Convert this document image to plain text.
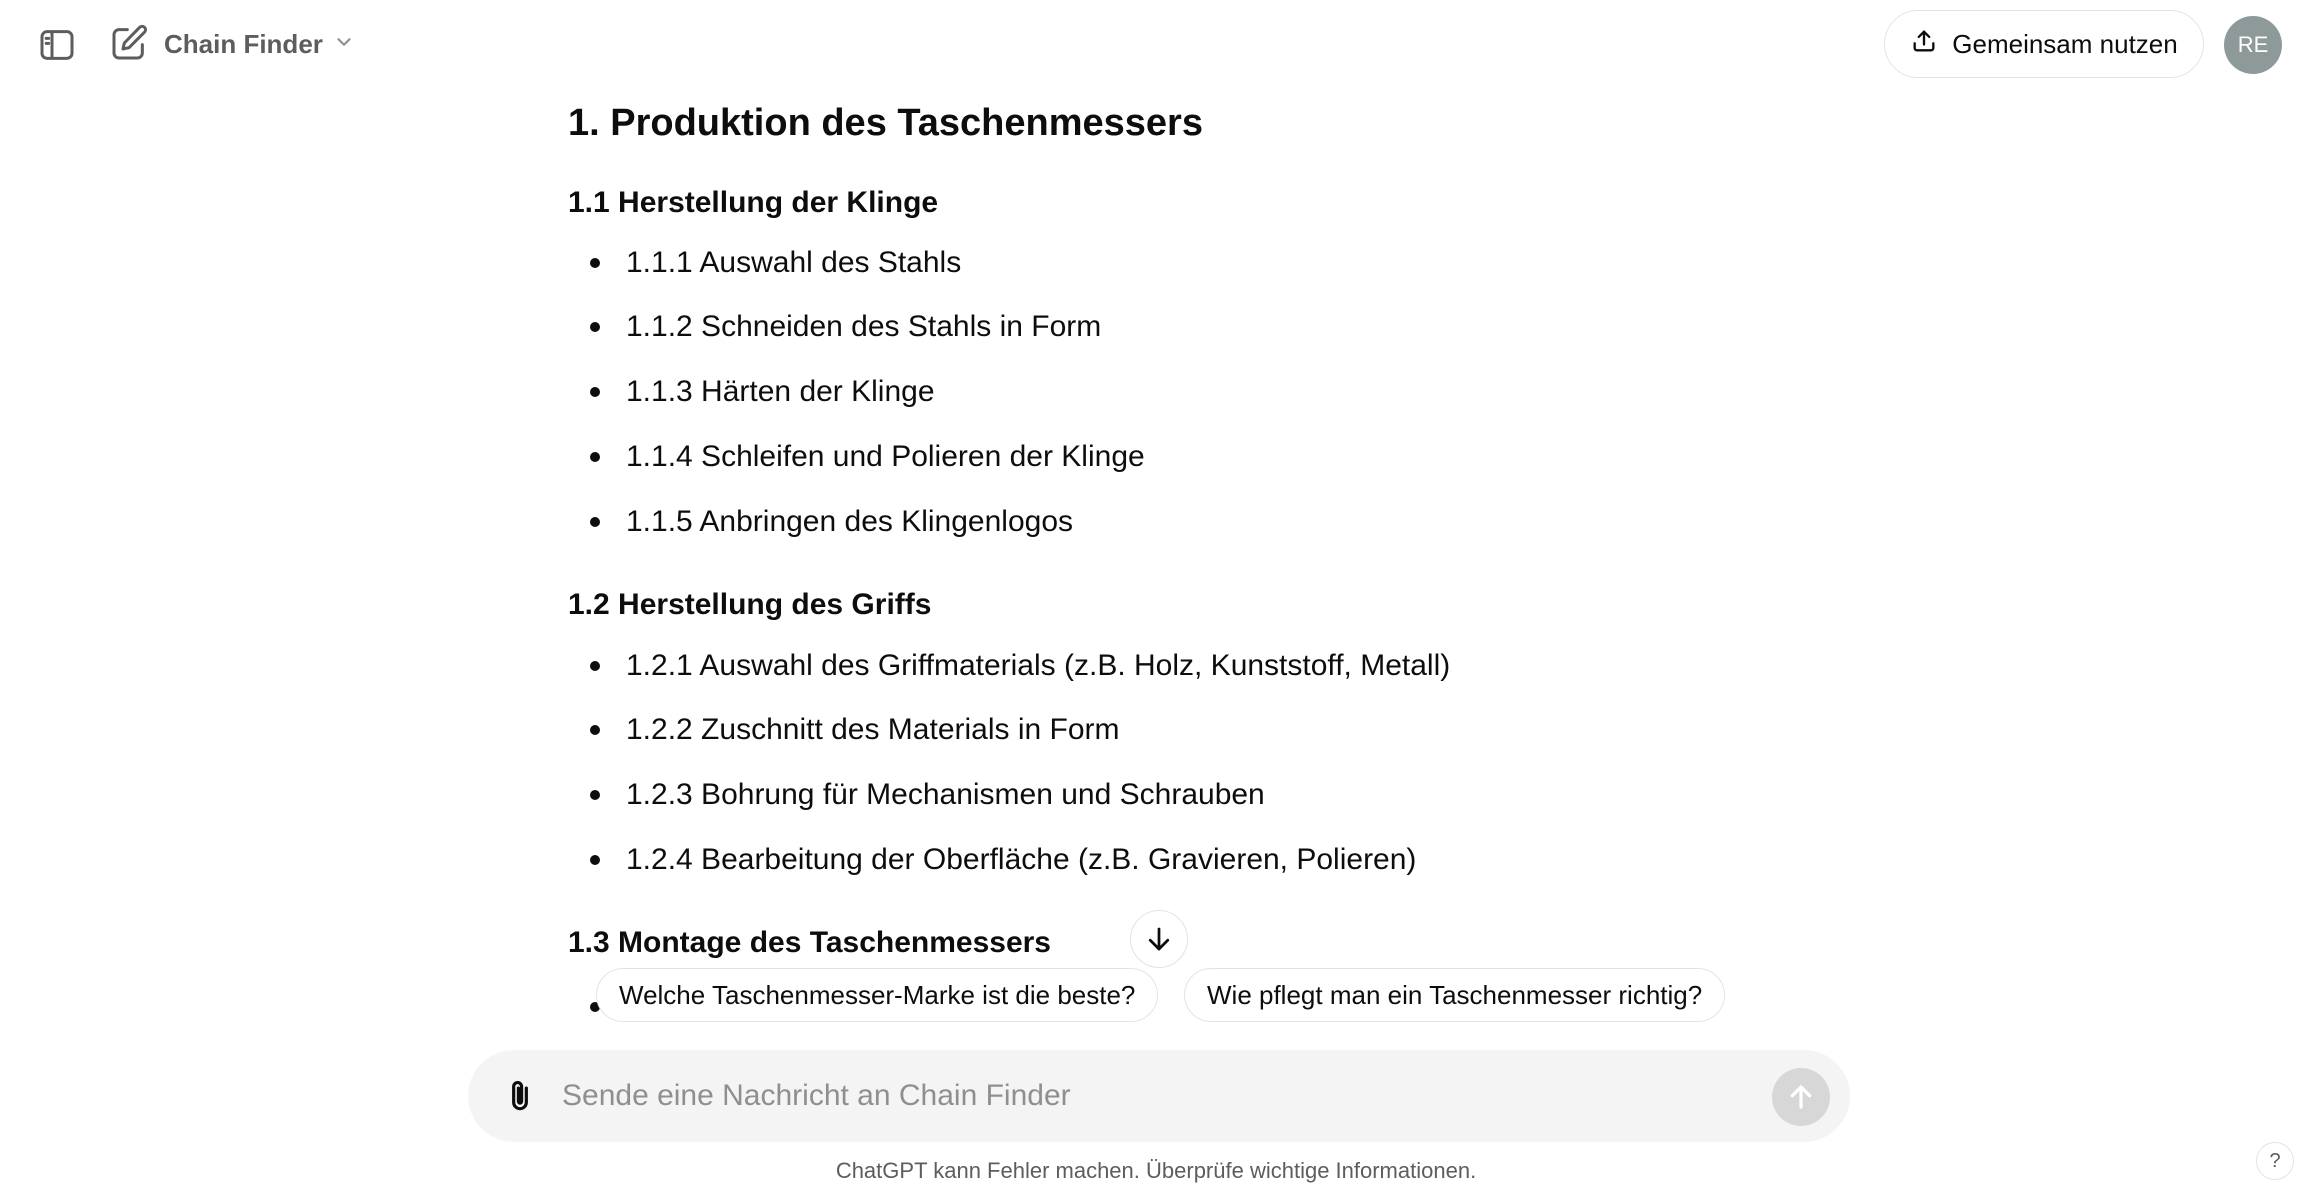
Chain Finder	Gemeinsam nutzen	RE
1. Produktion des Taschenmessers
1.1 Herstellung der Klinge
1.1.1 Auswahl des Stahls
1.1.2 Schneiden des Stahls in Form
1.1.3 Härten der Klinge
1.1.4 Schleifen und Polieren der Klinge
1.1.5 Anbringen des Klingenlogos
1.2 Herstellung des Griffs
1.2.1 Auswahl des Griffmaterials (z.B. Holz, Kunststoff, Metall)
1.2.2 Zuschnitt des Materials in Form
1.2.3 Bohrung für Mechanismen und Schrauben
1.2.4 Bearbeitung der Oberfläche (z.B. Gravieren, Polieren)
1.3 Montage des Taschenmessers
Welche Taschenmesser-Marke ist die beste?	Wie pflegt man ein Taschenmesser richtig?
Sende eine Nachricht an Chain Finder
ChatGPT kann Fehler machen. Überprüfe wichtige Informationen.	?
